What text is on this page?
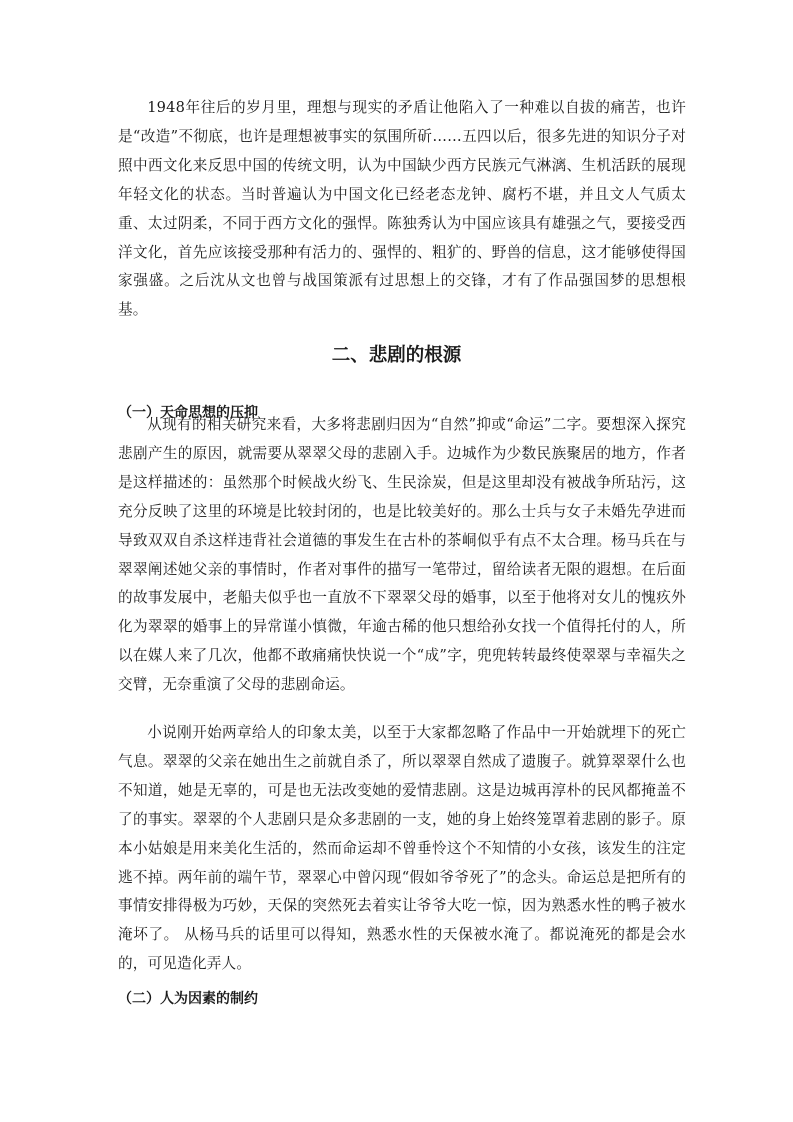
1948年往后的岁月里，理想与现实的矛盾让他陷入了一种难以自拔的痛苦，也许是“改造”不彻底，也许是理想被事实的氛围所斫……五四以后，很多先进的知识分子对照中西文化来反思中国的传统文明，认为中国缺少西方民族元气淋漓、生机活跃的展现年轻文化的状态。当时普遍认为中国文化已经老态龙钟、腐朽不堪，并且文人气质太重、太过阴柔，不同于西方文化的强悍。陈独秀认为中国应该具有雄强之气，要接受西洋文化，首先应该接受那种有活力的、强悍的、粗犷的、野兽的信息，这才能够使得国家强盛。之后沈从文也曾与战国策派有过思想上的交锋，才有了作品强国梦的思想根基。

二、悲剧的根源
（一）天命思想的压抑

从现有的相关研究来看，大多将悲剧归因为“自然”抑或“命运”二字。要想深入探究悲剧产生的原因，就需要从翠翠父母的悲剧入手。边城作为少数民族聚居的地方，作者是这样描述的：虽然那个时候战火纷飞、生民涂炭，但是这里却没有被战争所玷污，这充分反映了这里的环境是比较封闭的，也是比较美好的。那么士兵与女子未婚先孕进而导致双双自杀这样违背社会道德的事发生在古朴的茶峒似乎有点不太合理。杨马兵在与翠翠阐述她父亲的事情时，作者对事件的描写一笔带过，留给读者无限的遐想。在后面的故事发展中，老船夫似乎也一直放不下翠翠父母的婚事，以至于他将对女儿的愧疚外化为翠翠的婚事上的异常谨小慎微，年逾古稀的他只想给孙女找一个值得托付的人，所以在媒人来了几次，他都不敢痛痛快快说一个“成”字，兜兜转转最终使翠翠与幸福失之交臂，无奈重演了父母的悲剧命运。

小说刚开始两章给人的印象太美，以至于大家都忽略了作品中一开始就埋下的死亡气息。翠翠的父亲在她出生之前就自杀了，所以翠翠自然成了遗腹子。就算翠翠什么也不知道，她是无辜的，可是也无法改变她的爱情悲剧。这是边城再淳朴的民风都掩盖不了的事实。翠翠的个人悲剧只是众多悲剧的一支，她的身上始终笼罩着悲剧的影子。原本小姑娘是用来美化生活的，然而命运却不曾垂怜这个不知情的小女孩，该发生的注定逃不掉。两年前的端午节，翠翠心中曾闪现“假如爷爷死了”的念头。命运总是把所有的事情安排得极为巧妙，天保的突然死去着实让爷爷大吃一惊，因为熟悉水性的鸭子被水淹坏了。 从杨马兵的话里可以得知，熟悉水性的天保被水淹了。都说淹死的都是会水的，可见造化弄人。

（二）人为因素的制约
